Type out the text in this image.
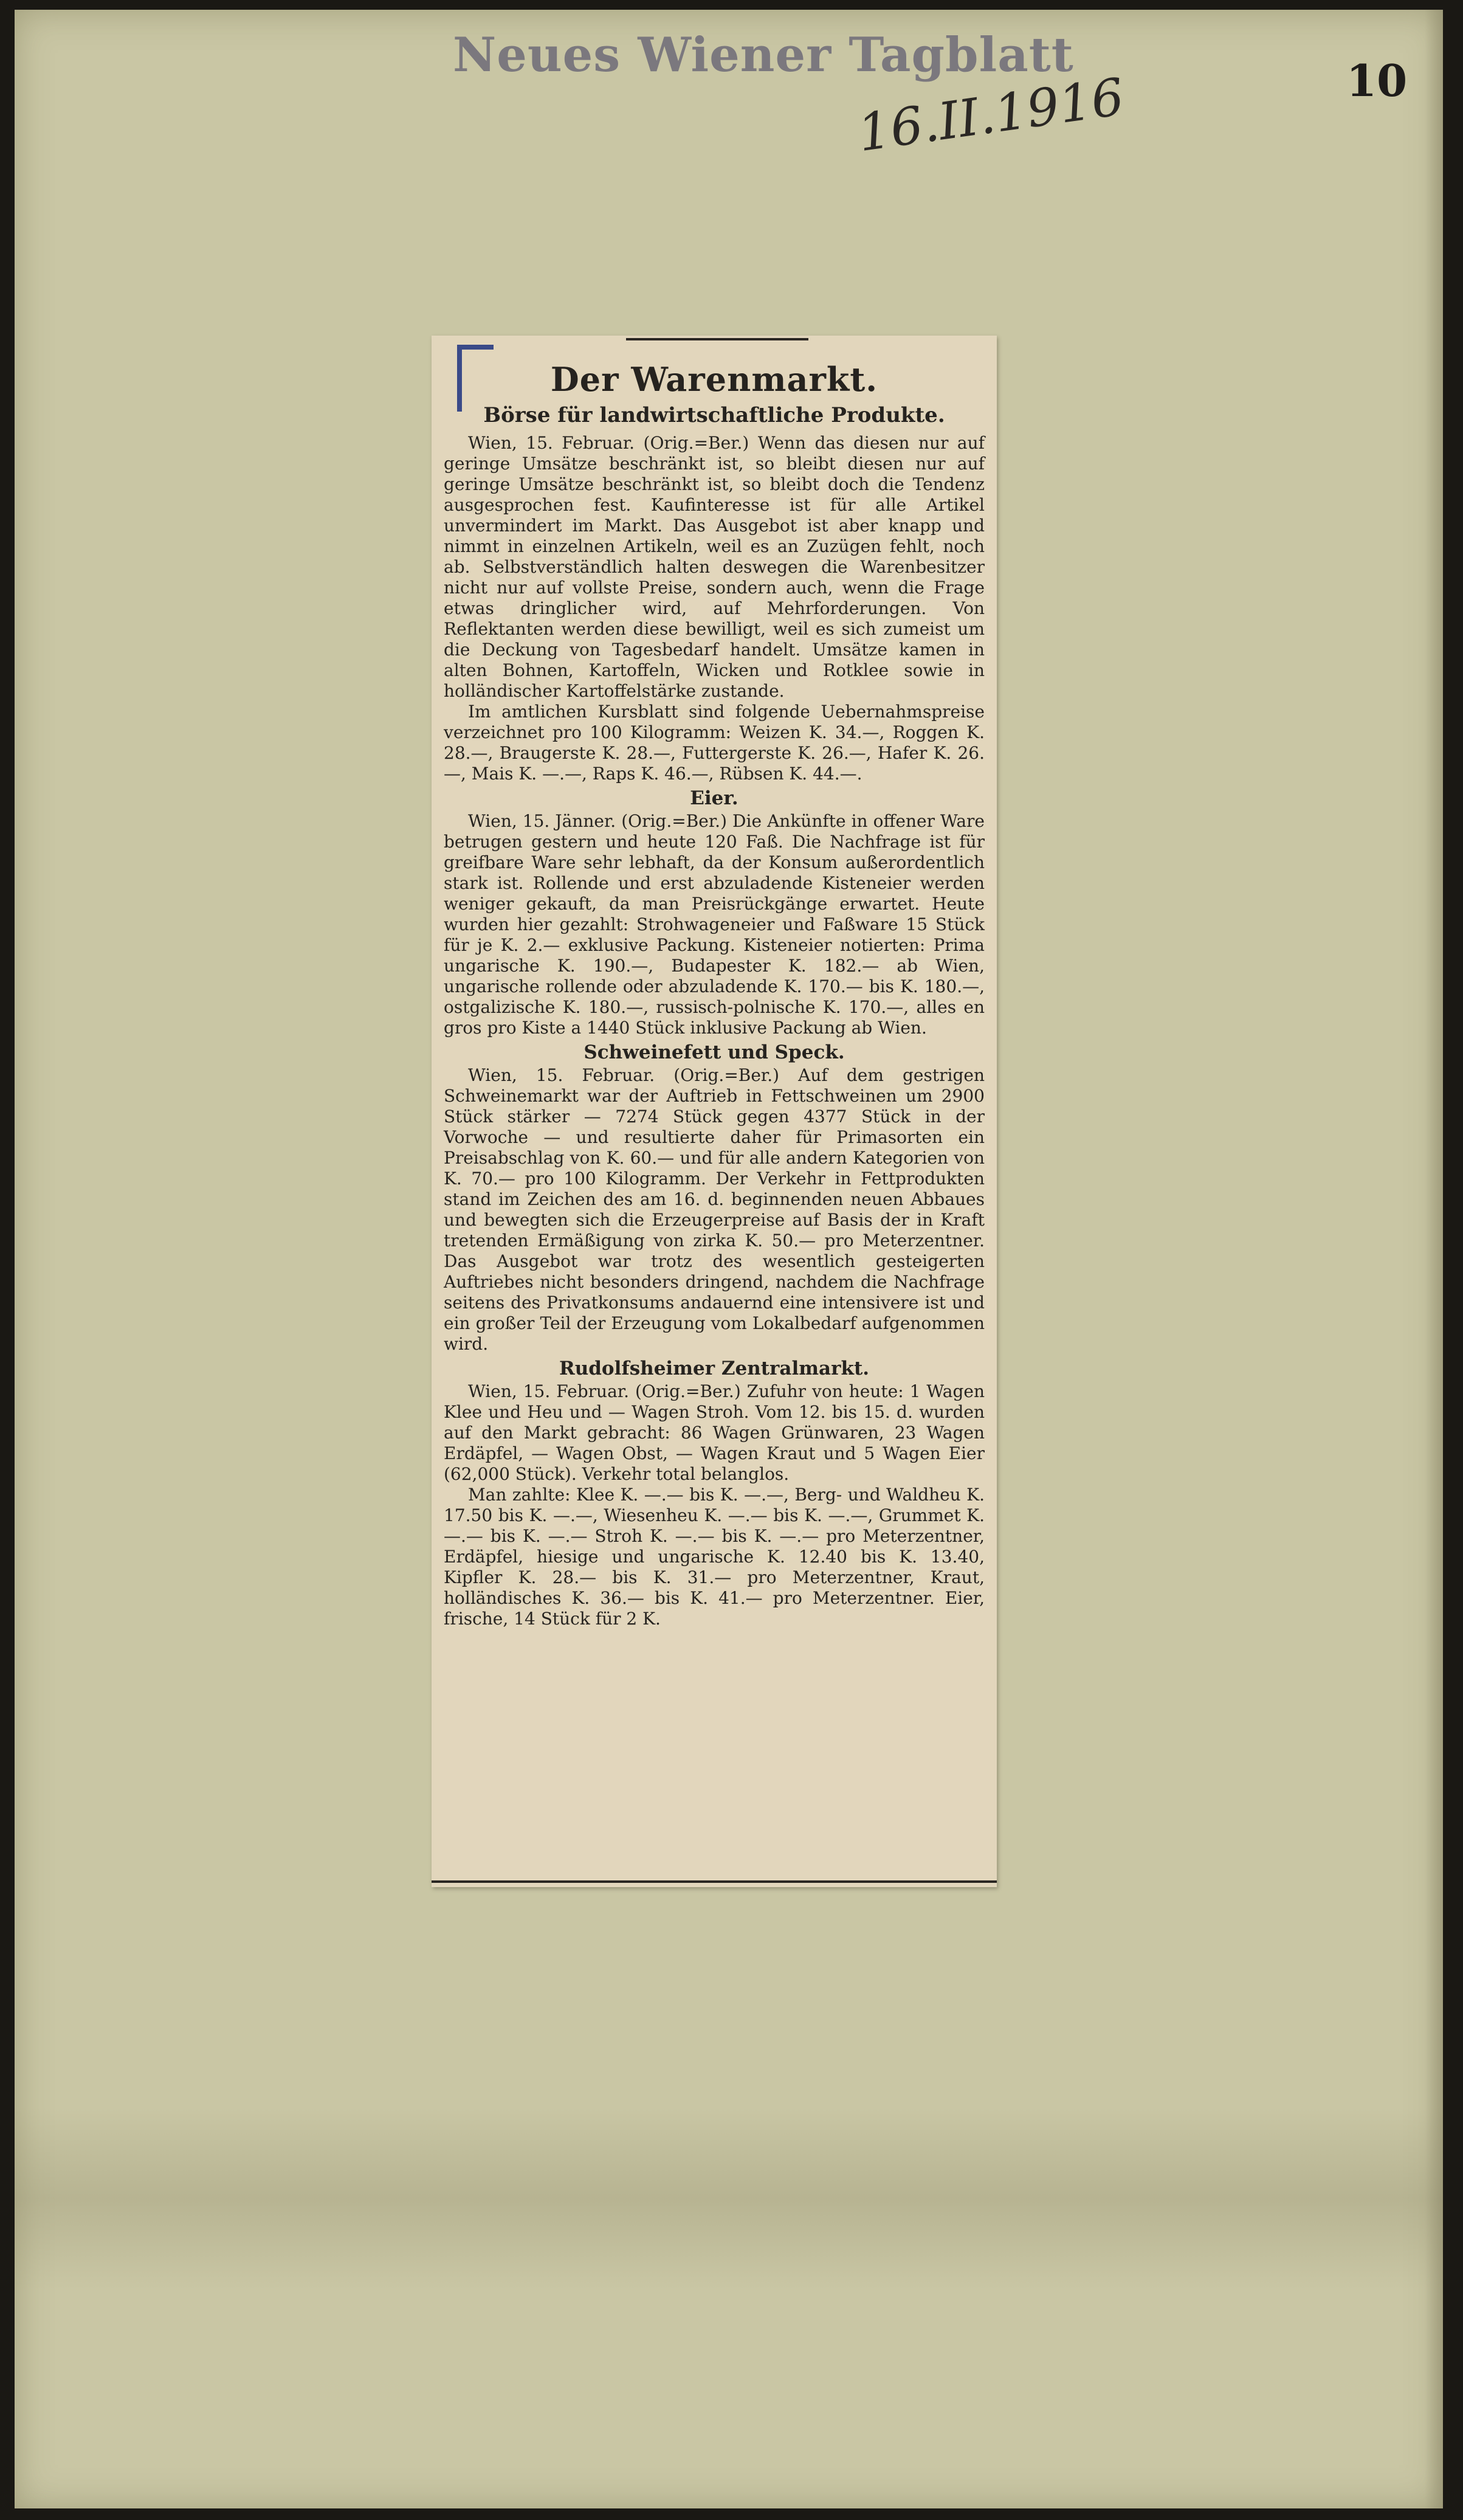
Neues Wiener Tagblatt
16.II.1916	10
Der Warenmarkt.
Börse für landwirtschaftliche Produkte.

Wien, 15. Februar. (Orig.=Ber.) Wenn das diesen nur auf geringe Umsätze beschränkt ist, so bleibt diesen nur auf geringe Umsätze beschränkt ist, so bleibt doch die Tendenz ausgesprochen fest. Kaufinteresse ist für alle Artikel unvermindert im Markt. Das Ausgebot ist aber knapp und nimmt in einzelnen Artikeln, weil es an Zuzügen fehlt, noch ab. Selbstverständlich halten deswegen die Warenbesitzer nicht nur auf vollste Preise, sondern auch, wenn die Frage etwas dringlicher wird, auf Mehrforderungen. Von Reflektanten werden diese bewilligt, weil es sich zumeist um die Deckung von Tagesbedarf handelt. Umsätze kamen in alten Bohnen, Kartoffeln, Wicken und Rotklee sowie in holländischer Kartoffelstärke zustande.

Im amtlichen Kursblatt sind folgende Uebernahmspreise verzeichnet pro 100 Kilogramm: Weizen K. 34.—, Roggen K. 28.—, Braugerste K. 28.—, Futtergerste K. 26.—, Hafer K. 26.—, Mais K. —.—, Raps K. 46.—, Rübsen K. 44.—.

Eier.

Wien, 15. Jänner. (Orig.=Ber.) Die Ankünfte in offener Ware betrugen gestern und heute 120 Faß. Die Nachfrage ist für greifbare Ware sehr lebhaft, da der Konsum außerordentlich stark ist. Rollende und erst abzuladende Kisteneier werden weniger gekauft, da man Preisrückgänge erwartet. Heute wurden hier gezahlt: Strohwageneier und Faßware 15 Stück für je K. 2.— exklusive Packung. Kisteneier notierten: Prima ungarische K. 190.—, Budapester K. 182.— ab Wien, ungarische rollende oder abzuladende K. 170.— bis K. 180.—, ostgalizische K. 180.—, russisch-polnische K. 170.—, alles en gros pro Kiste a 1440 Stück inklusive Packung ab Wien.

Schweinefett und Speck.

Wien, 15. Februar. (Orig.=Ber.) Auf dem gestrigen Schweinemarkt war der Auftrieb in Fettschweinen um 2900 Stück stärker — 7274 Stück gegen 4377 Stück in der Vorwoche — und resultierte daher für Primasorten ein Preisabschlag von K. 60.— und für alle andern Kategorien von K. 70.— pro 100 Kilogramm. Der Verkehr in Fettprodukten stand im Zeichen des am 16. d. beginnenden neuen Abbaues und bewegten sich die Erzeugerpreise auf Basis der in Kraft tretenden Ermäßigung von zirka K. 50.— pro Meterzentner. Das Ausgebot war trotz des wesentlich gesteigerten Auftriebes nicht besonders dringend, nachdem die Nachfrage seitens des Privatkonsums andauernd eine intensivere ist und ein großer Teil der Erzeugung vom Lokalbedarf aufgenommen wird.

Rudolfsheimer Zentralmarkt.

Wien, 15. Februar. (Orig.=Ber.) Zufuhr von heute: 1 Wagen Klee und Heu und — Wagen Stroh. Vom 12. bis 15. d. wurden auf den Markt gebracht: 86 Wagen Grünwaren, 23 Wagen Erdäpfel, — Wagen Obst, — Wagen Kraut und 5 Wagen Eier (62,000 Stück). Verkehr total belanglos.

Man zahlte: Klee K. —.— bis K. —.—, Berg- und Waldheu K. 17.50 bis K. —.—, Wiesenheu K. —.— bis K. —.—, Grummet K. —.— bis K. —.— Stroh K. —.— bis K. —.— pro Meterzentner, Erdäpfel, hiesige und ungarische K. 12.40 bis K. 13.40, Kipfler K. 28.— bis K. 31.— pro Meterzentner, Kraut, holländisches K. 36.— bis K. 41.— pro Meterzentner. Eier, frische, 14 Stück für 2 K.
